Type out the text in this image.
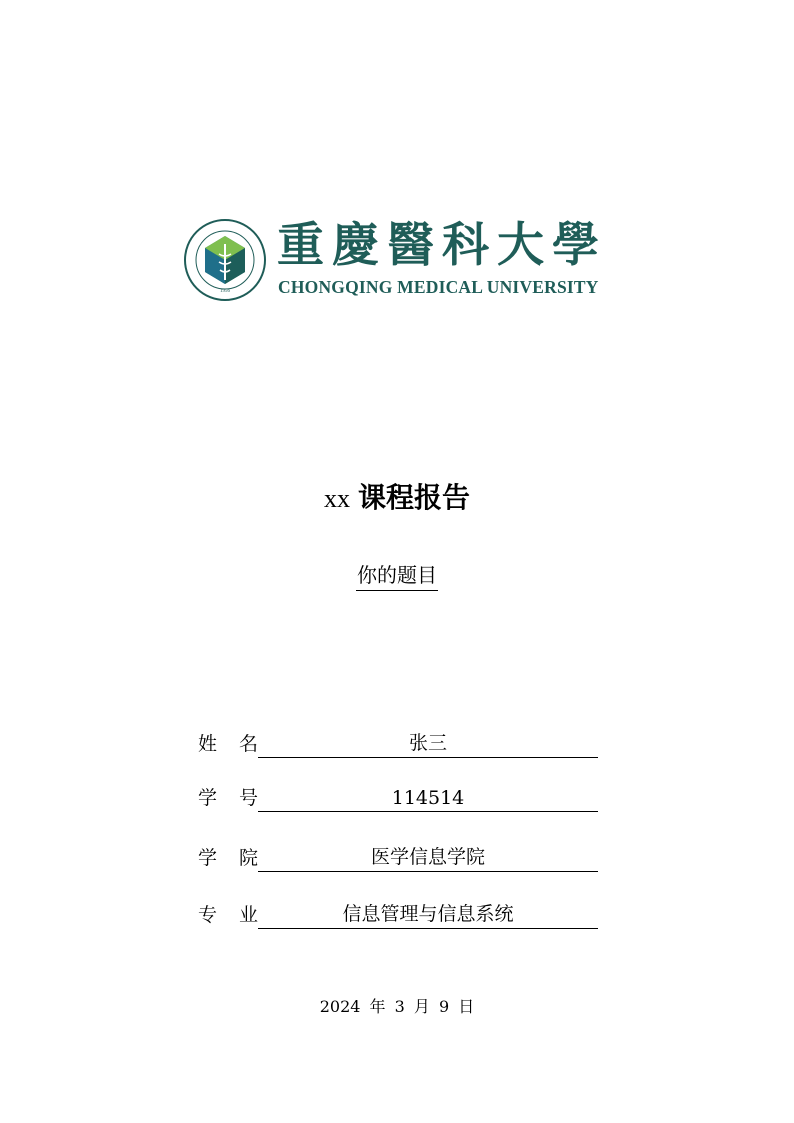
1956
重慶醫科大學
CHONGQING MEDICAL UNIVERSITY
xx 课程报告
你的题目
姓 名	张三
学 号	114514
学 院	医学信息学院
专 业	信息管理与信息系统
2024 年 3 月 9 日
